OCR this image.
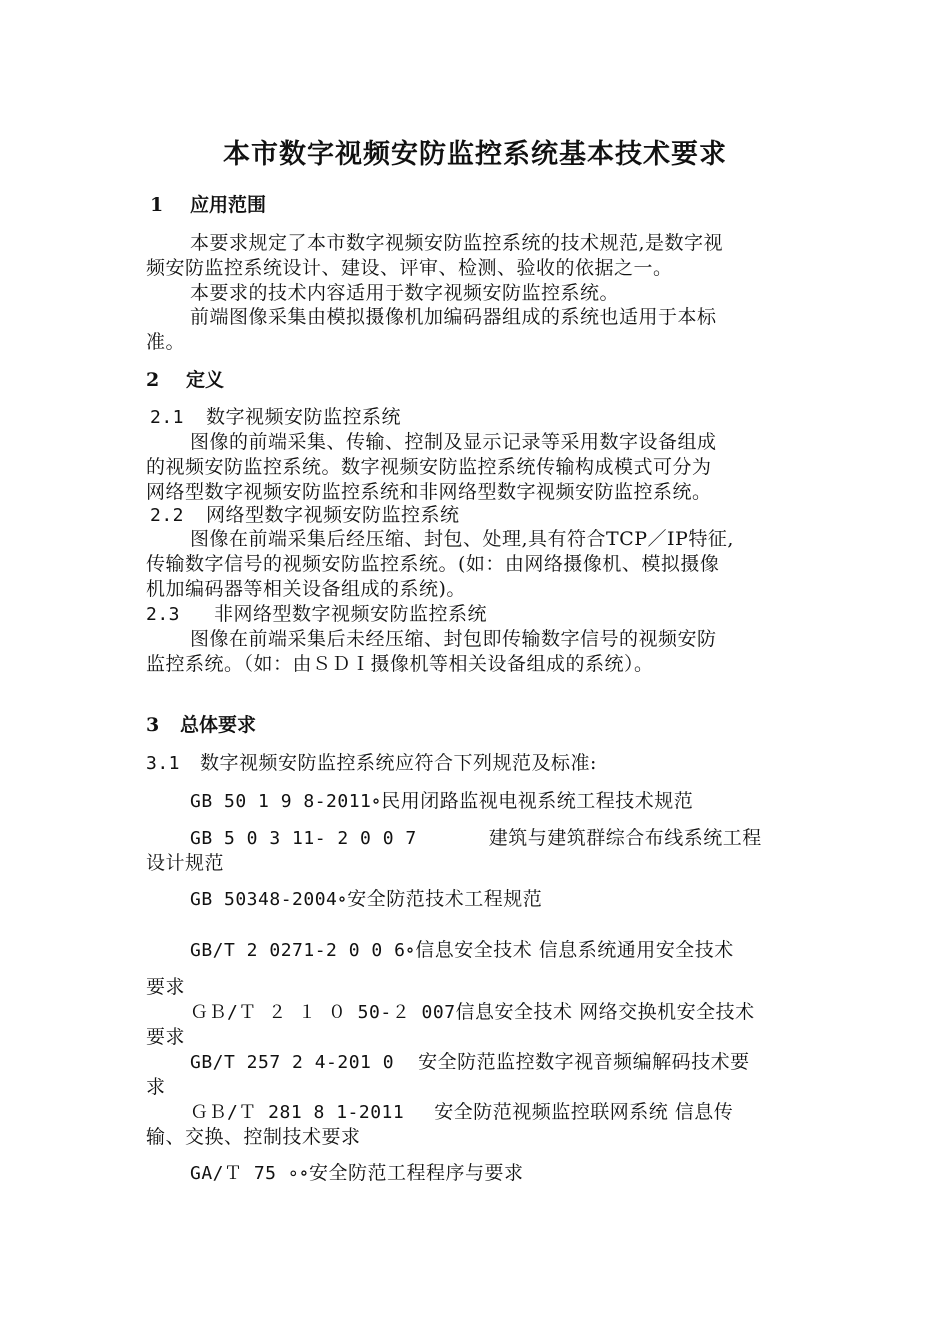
本市数字视频安防监控系统基本技术要求
1 应用范围
本要求规定了本市数字视频安防监控系统的技术规范,是数字视
频安防监控系统设计、建设、评审、检测、验收的依据之一。
本要求的技术内容适用于数字视频安防监控系统。
前端图像采集由模拟摄像机加编码器组成的系统也适用于本标
准。
2 定义
2.1 数字视频安防监控系统
图像的前端采集、传输、控制及显示记录等采用数字设备组成
的视频安防监控系统。数字视频安防监控系统传输构成模式可分为
网络型数字视频安防监控系统和非网络型数字视频安防监控系统。
2.2 网络型数字视频安防监控系统
图像在前端采集后经压缩、封包、处理,具有符合TCP／IP特征,
传输数字信号的视频安防监控系统。(如：由网络摄像机、模拟摄像
机加编码器等相关设备组成的系统)。
2.3 非网络型数字视频安防监控系统
图像在前端采集后未经压缩、封包即传输数字信号的视频安防
监控系统。（如：由ＳＤＩ摄像机等相关设备组成的系统）。
3 总体要求
3.1 数字视频安防监控系统应符合下列规范及标准:
GB 50 1 9 8-2011∘民用闭路监视电视系统工程技术规范
GB 5 0 3 11- 2 0 0 7	建筑与建筑群综合布线系统工程
设计规范
GB 50348-2004∘安全防范技术工程规范
GB/T 2 0271-2 0 0 6∘信息安全技术 信息系统通用安全技术
要求
ＧＢ/Ｔ ２ １ ０ 50-２ 007信息安全技术 网络交换机安全技术
要求
GB/T 257 2 4-201 0 安全防范监控数字视音频编解码技术要
求
ＧＢ/Ｔ 281 8 1-2011 安全防范视频监控联网系统 信息传
输、交换、控制技术要求
GA/Ｔ 75 ∘∘安全防范工程程序与要求
